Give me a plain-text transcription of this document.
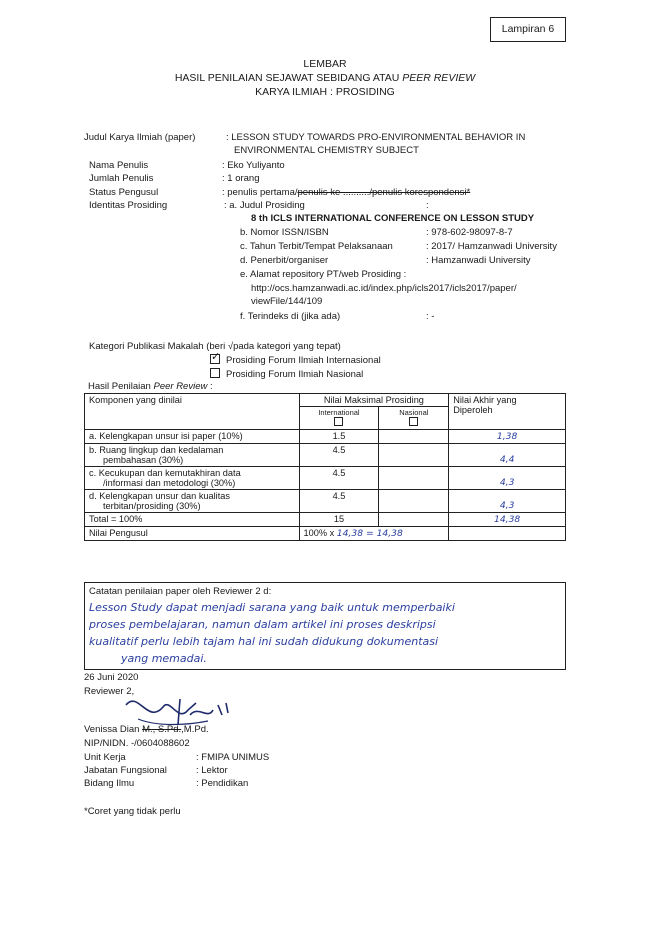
Lampiran 6
LEMBAR
HASIL PENILAIAN SEJAWAT SEBIDANG ATAU PEER REVIEW
KARYA ILMIAH : PROSIDING
Judul Karya Ilmiah (paper)	: LESSON STUDY TOWARDS PRO-ENVIRONMENTAL BEHAVIOR IN
ENVIRONMENTAL CHEMISTRY SUBJECT
Nama Penulis	: Eko Yuliyanto
Jumlah Penulis	: 1 orang
Status Pengusul	: penulis pertama/penulis ke ........../penulis korespondensi*
Identitas Prosiding	: a. Judul Prosiding	:
8 th ICLS INTERNATIONAL CONFERENCE ON LESSON STUDY
b. Nomor ISSN/ISBN	: 978-602-98097-8-7
c. Tahun Terbit/Tempat Pelaksanaan	: 2017/ Hamzanwadi University
d. Penerbit/organiser	: Hamzanwadi University
e. Alamat repository PT/web Prosiding :
http://ocs.hamzanwadi.ac.id/index.php/icls2017/icls2017/paper/
viewFile/144/109
f. Terindeks di (jika ada)	: -
Kategori Publikasi Makalah (beri √pada kategori yang tepat)
✓Prosiding Forum Ilmiah Internasional
Prosiding Forum Ilmiah Nasional
Hasil Penilaian Peer Review :
Komponen yang dinilai	Nilai Maksimal Prosiding		Nilai Akhir yang
Diperoleh
	International	Nasional	

a. Kelengkapan unsur isi paper (10%)	1.5		1,38
b. Ruang lingkup dan kedalaman
pembahasan (30%)	4.5		4,4
c. Kecukupan dan kemutakhiran data
/informasi dan metodologi (30%)	4.5		4,3
d. Kelengkapan unsur dan kualitas
terbitan/prosiding (30%)	4.5		4,3
Total = 100%	15		14,38
Nilai Pengusul	100% x 14,38 = 14,38		
Catatan penilaian paper oleh Reviewer 2 d:
Lesson Study dapat menjadi sarana yang baik untuk memperbaiki
proses pembelajaran, namun dalam artikel ini proses deskripsi
kualitatif perlu lebih tajam hal ini sudah didukung dokumentasi
yang memadai.
26 Juni 2020
Reviewer 2,
Venissa Dian M., S.Pd.,M.Pd.
NIP/NIDN. -/0604088602
Unit Kerja	: FMIPA UNIMUS
Jabatan Fungsional	: Lektor
Bidang Ilmu	: Pendidikan
*Coret yang tidak perlu
